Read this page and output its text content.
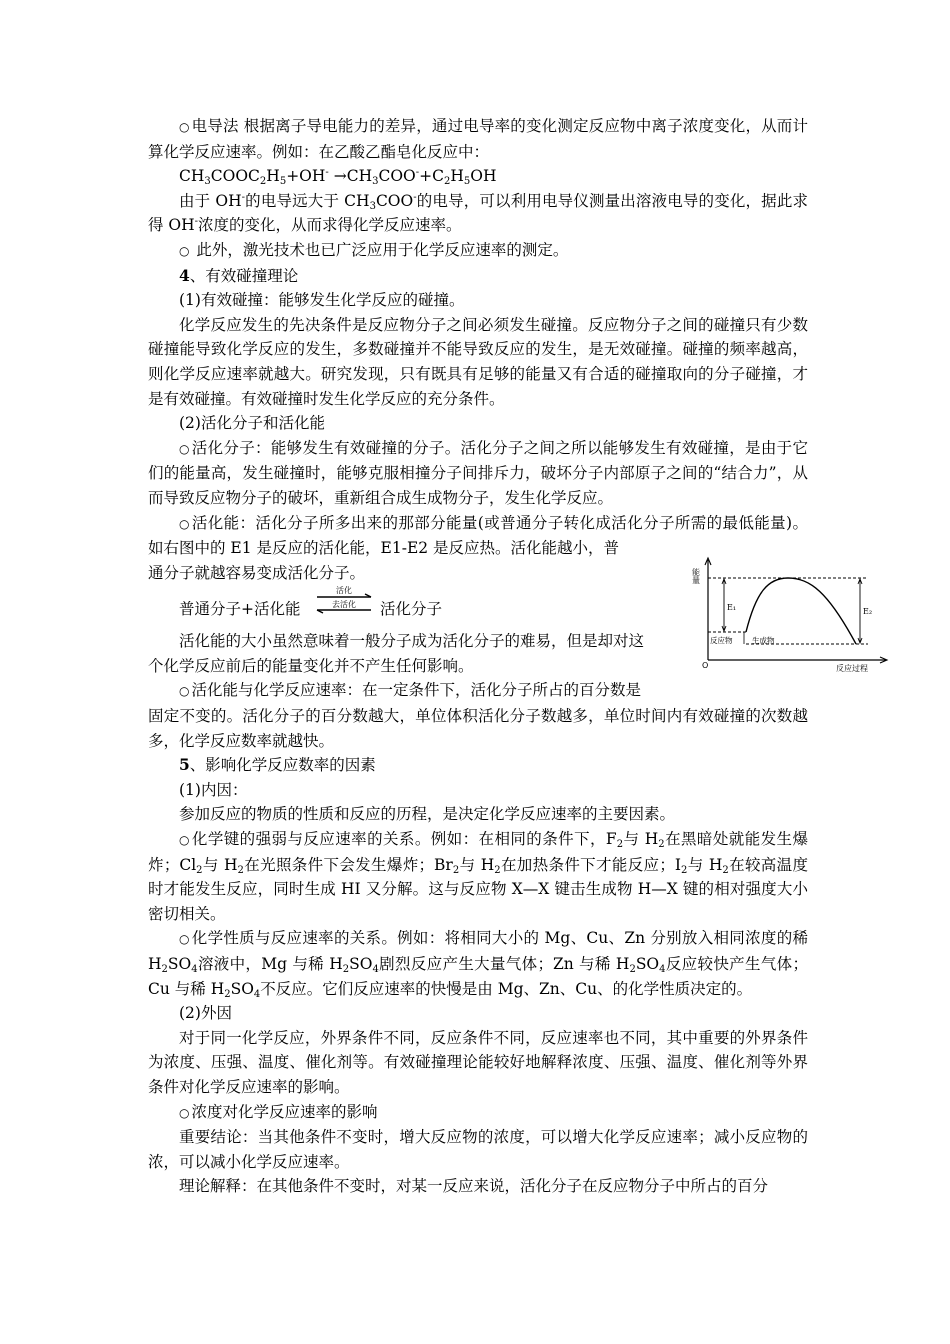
○ 电导法 根据离子导电能力的差异，通过电导率的变化测定反应物中离子浓度变化，从而计算化学反应速率。例如：在乙酸乙酯皂化反应中：

$CH_3COOC_2H_5+OH^- \to CH_3COO^-+C_2H_5OH$

由于 OH-的电导远大于 $CH_3COO^-$的电导，可以利用电导仪测量出溶液电导的变化，据此求得 OH-浓度的变化，从而求得化学反应速率。

○ 此外，激光技术也已广泛应用于化学反应速率的测定。

4、有效碰撞理论

(1)有效碰撞：能够发生化学反应的碰撞。

化学反应发生的先决条件是反应物分子之间必须发生碰撞。反应物分子之间的碰撞只有少数碰撞能导致化学反应的发生，多数碰撞并不能导致反应的发生，是无效碰撞。碰撞的频率越高，则化学反应速率就越大。研究发现，只有既具有足够的能量又有合适的碰撞取向的分子碰撞，才是有效碰撞。有效碰撞时发生化学反应的充分条件。

(2)活化分子和活化能

○ 活化分子：能够发生有效碰撞的分子。活化分子之间之所以能够发生有效碰撞，是由于它们的能量高，发生碰撞时，能够克服相撞分子间排斥力，破坏分子内部原子之间的“结合力”，从而导致反应物分子的破坏，重新组合成生成物分子，发生化学反应。

○ 活化能：活化分子所多出来的那部分能量(或普通分子转化成活化分子所需的最低能量)。如右图中的 E1 是反应的活化能，E1-E2 是反应热。活化能越小，普

通分子就越容易变成活化分子。

普通分子+活化能
活化
去活化 活化分子

活化能的大小虽然意味着一般分子成为活化分子的难易，但是却对这

个化学反应前后的能量变化并不产生任何影响。

○ 活化能与化学反应速率：在一定条件下，活化分子所占的百分数是

固定不变的。活化分子的百分数越大，单位体积活化分子数越多，单位时间内有效碰撞的次数越多，化学反应数率就越快。

5、影响化学反应数率的因素

(1)内因：

参加反应的物质的性质和反应的历程，是决定化学反应速率的主要因素。

○ 化学键的强弱与反应速率的关系。例如：在相同的条件下，$F_2$与 $H_2$在黑暗处就能发生爆炸；$Cl_2$与 $H_2$在光照条件下会发生爆炸；$Br_2$与 $H_2$在加热条件下才能反应；$I_2$与 $H_2$在较高温度时才能发生反应，同时生成 HI 又分解。这与反应物 X—X 键击生成物 H—X 键的相对强度大小密切相关。

○ 化学性质与反应速率的关系。例如：将相同大小的 Mg、Cu、Zn 分别放入相同浓度的稀 $H_2SO_4$溶液中，Mg 与稀 $H_2SO_4$剧烈反应产生大量气体；Zn 与稀 $H_2SO_4$反应较快产生气体；Cu 与稀 $H_2SO_4$不反应。它们反应速率的快慢是由 Mg、Zn、Cu、的化学性质决定的。

(2)外因

对于同一化学反应，外界条件不同，反应条件不同，反应速率也不同，其中重要的外界条件为浓度、压强、温度、催化剂等。有效碰撞理论能较好地解释浓度、压强、温度、催化剂等外界条件对化学反应速率的影响。

○ 浓度对化学反应速率的影响

重要结论：当其他条件不变时，增大反应物的浓度，可以增大化学反应速率；减小反应物的浓，可以减小化学反应速率。

理论解释：在其他条件不变时，对某一反应来说，活化分子在反应物分子中所占的百分

能量
O	反应过程
E₁	E₂
反应物	生成物
